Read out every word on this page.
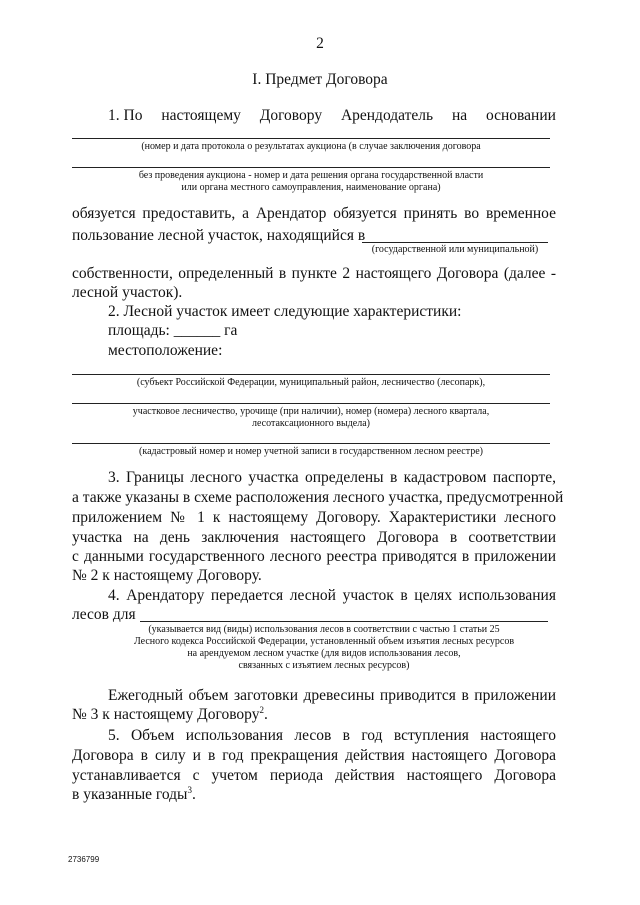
2
I. Предмет Договора
1. По настоящему Договору Арендодатель на основании
(номер и дата протокола о результатах аукциона (в случае заключения договора
без проведения аукциона - номер и дата решения органа государственной власти
или органа местного самоуправления, наименование органа)
обязуется предоставить, а Арендатор обязуется принять во временное
пользование лесной участок, находящийся в
(государственной или муниципальной)
собственности, определенный в пункте 2 настоящего Договора (далее -
лесной участок).
2. Лесной участок имеет следующие характеристики:
площадь: ______ га
местоположение:
(субъект Российской Федерации, муниципальный район, лесничество (лесопарк),
участковое лесничество, урочище (при наличии), номер (номера) лесного квартала,
лесотаксационного выдела)
(кадастровый номер и номер учетной записи в государственном лесном реестре)
3. Границы лесного участка определены в кадастровом паспорте,
а также указаны в схеме расположения лесного участка, предусмотренной
приложением № 1 к настоящему Договору. Характеристики лесного
участка на день заключения настоящего Договора в соответствии
с данными государственного лесного реестра приводятся в приложении
№ 2 к настоящему Договору.
4. Арендатору передается лесной участок в целях использования
лесов для
(указывается вид (виды) использования лесов в соответствии с частью 1 статьи 25
Лесного кодекса Российской Федерации, установленный объем изъятия лесных ресурсов
на арендуемом лесном участке (для видов использования лесов,
связанных с изъятием лесных ресурсов)
Ежегодный объем заготовки древесины приводится в приложении
№ 3 к настоящему Договору$^2$.
5. Объем использования лесов в год вступления настоящего
Договора в силу и в год прекращения действия настоящего Договора
устанавливается с учетом периода действия настоящего Договора
в указанные годы$^3$.
2736799
